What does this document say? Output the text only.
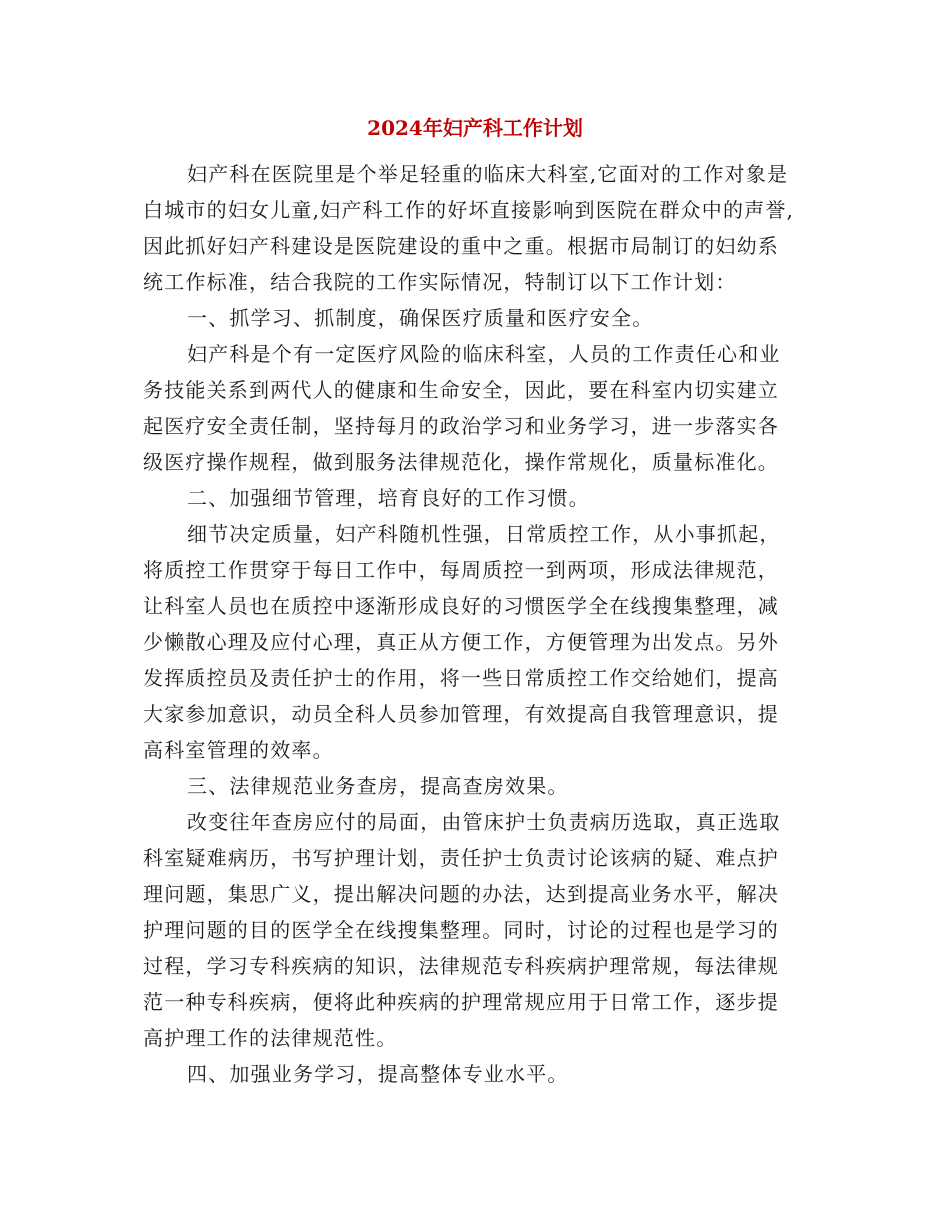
2024年妇产科工作计划
妇产科在医院里是个举足轻重的临床大科室,它面对的工作对象是
白城市的妇女儿童,妇产科工作的好坏直接影响到医院在群众中的声誉,
因此抓好妇产科建设是医院建设的重中之重。根据市局制订的妇幼系
统工作标准，结合我院的工作实际情况，特制订以下工作计划：
一、抓学习、抓制度，确保医疗质量和医疗安全。
妇产科是个有一定医疗风险的临床科室，人员的工作责任心和业
务技能关系到两代人的健康和生命安全，因此，要在科室内切实建立
起医疗安全责任制，坚持每月的政治学习和业务学习，进一步落实各
级医疗操作规程，做到服务法律规范化，操作常规化，质量标准化。
二、加强细节管理，培育良好的工作习惯。
细节决定质量，妇产科随机性强，日常质控工作，从小事抓起，
将质控工作贯穿于每日工作中，每周质控一到两项，形成法律规范，
让科室人员也在质控中逐渐形成良好的习惯医学全在线搜集整理，减
少懒散心理及应付心理，真正从方便工作，方便管理为出发点。另外
发挥质控员及责任护士的作用，将一些日常质控工作交给她们，提高
大家参加意识，动员全科人员参加管理，有效提高自我管理意识，提
高科室管理的效率。
三、法律规范业务查房，提高查房效果。
改变往年查房应付的局面，由管床护士负责病历选取，真正选取
科室疑难病历，书写护理计划，责任护士负责讨论该病的疑、难点护
理问题，集思广义，提出解决问题的办法，达到提高业务水平，解决
护理问题的目的医学全在线搜集整理。同时，讨论的过程也是学习的
过程，学习专科疾病的知识，法律规范专科疾病护理常规，每法律规
范一种专科疾病，便将此种疾病的护理常规应用于日常工作，逐步提
高护理工作的法律规范性。
四、加强业务学习，提高整体专业水平。
